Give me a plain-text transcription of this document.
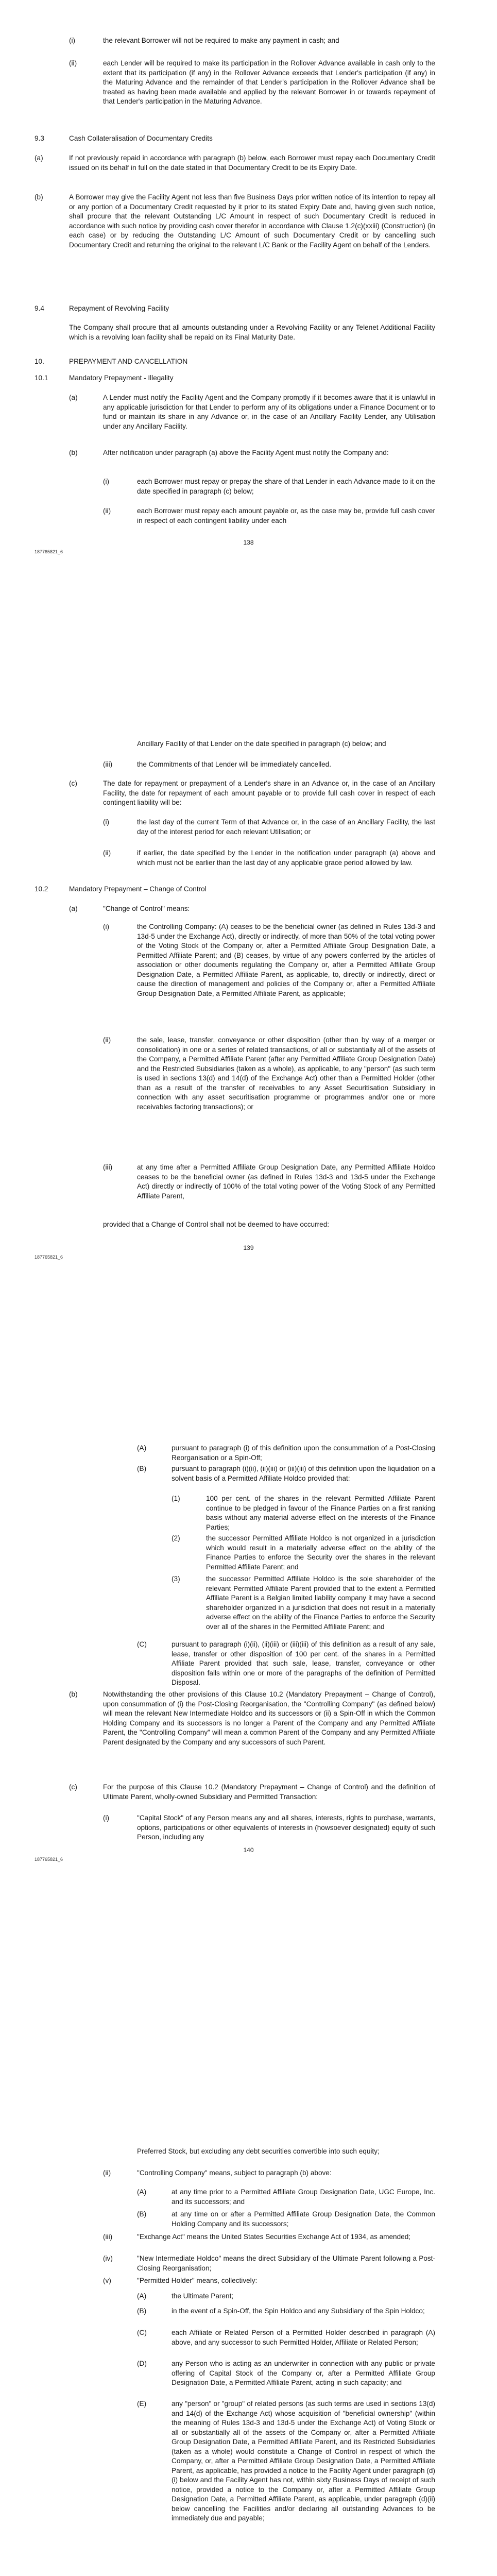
(i)	the relevant Borrower will not be required to make any payment in cash; and

(ii)	each Lender will be required to make its participation in the Rollover Advance available in cash only to the extent that its participation (if any) in the Rollover Advance exceeds that Lender's participation (if any) in the Maturing Advance and the remainder of that Lender's participation in the Rollover Advance shall be treated as having been made available and applied by the relevant Borrower in or towards repayment of that Lender's participation in the Maturing Advance.

9.3	Cash Collateralisation of Documentary Credits
(a)	If not previously repaid in accordance with paragraph (b) below, each Borrower must repay each Documentary Credit issued on its behalf in full on the date stated in that Documentary Credit to be its Expiry Date.

(b)	A Borrower may give the Facility Agent not less than five Business Days prior written notice of its intention to repay all or any portion of a Documentary Credit requested by it prior to its stated Expiry Date and, having given such notice, shall procure that the relevant Outstanding L/C Amount in respect of such Documentary Credit is reduced in accordance with such notice by providing cash cover therefor in accordance with Clause 1.2(c)(xxiii) (Construction) (in each case) or by reducing the Outstanding L/C Amount of such Documentary Credit or by cancelling such Documentary Credit and returning the original to the relevant L/C Bank or the Facility Agent on behalf of the Lenders.

9.4	Repayment of Revolving Facility

The Company shall procure that all amounts outstanding under a Revolving Facility or any Telenet Additional Facility which is a revolving loan facility shall be repaid on its Final Maturity Date.

10.	PREPAYMENT AND CANCELLATION
10.1	Mandatory Prepayment - Illegality
(a)	A Lender must notify the Facility Agent and the Company promptly if it becomes aware that it is unlawful in any applicable jurisdiction for that Lender to perform any of its obligations under a Finance Document or to fund or maintain its share in any Advance or, in the case of an Ancillary Facility Lender, any Utilisation under any Ancillary Facility.

(b)	After notification under paragraph (a) above the Facility Agent must notify the Company and:

(i)	each Borrower must repay or prepay the share of that Lender in each Advance made to it on the date specified in paragraph (c) below;

(ii)	each Borrower must repay each amount payable or, as the case may be, provide full cash cover in respect of each contingent liability under each

138
187765821_6

Ancillary Facility of that Lender on the date specified in paragraph (c) below; and

(iii)	the Commitments of that Lender will be immediately cancelled.

(c)	The date for repayment or prepayment of a Lender's share in an Advance or, in the case of an Ancillary Facility, the date for repayment of each amount payable or to provide full cash cover in respect of each contingent liability will be:

(i)	the last day of the current Term of that Advance or, in the case of an Ancillary Facility, the last day of the interest period for each relevant Utilisation; or

(ii)	if earlier, the date specified by the Lender in the notification under paragraph (a) above and which must not be earlier than the last day of any applicable grace period allowed by law.

10.2	Mandatory Prepayment – Change of Control
(a)	"Change of Control" means:

(i)	the Controlling Company: (A) ceases to be the beneficial owner (as defined in Rules 13d-3 and 13d-5 under the Exchange Act), directly or indirectly, of more than 50% of the total voting power of the Voting Stock of the Company or, after a Permitted Affiliate Group Designation Date, a Permitted Affiliate Parent; and (B) ceases, by virtue of any powers conferred by the articles of association or other documents regulating the Company or, after a Permitted Affiliate Group Designation Date, a Permitted Affiliate Parent, as applicable, to, directly or indirectly, direct or cause the direction of management and policies of the Company or, after a Permitted Affiliate Group Designation Date, a Permitted Affiliate Parent, as applicable;

(ii)	the sale, lease, transfer, conveyance or other disposition (other than by way of a merger or consolidation) in one or a series of related transactions, of all or substantially all of the assets of the Company, a Permitted Affiliate Parent (after any Permitted Affiliate Group Designation Date) and the Restricted Subsidiaries (taken as a whole), as applicable, to any "person" (as such term is used in sections 13(d) and 14(d) of the Exchange Act) other than a Permitted Holder (other than as a result of the transfer of receivables to any Asset Securitisation Subsidiary in connection with any asset securitisation programme or programmes and/or one or more receivables factoring transactions); or

(iii)	at any time after a Permitted Affiliate Group Designation Date, any Permitted Affiliate Holdco ceases to be the beneficial owner (as defined in Rules 13d-3 and 13d-5 under the Exchange Act) directly or indirectly of 100% of the total voting power of the Voting Stock of any Permitted Affiliate Parent,

provided that a Change of Control shall not be deemed to have occurred:

139
187765821_6
(A)	pursuant to paragraph (i) of this definition upon the consummation of a Post-Closing Reorganisation or a Spin-Off;

(B)	pursuant to paragraph (i)(ii), (ii)(iii) or (iii)(iii) of this definition upon the liquidation on a solvent basis of a Permitted Affiliate Holdco provided that:

(1)	100 per cent. of the shares in the relevant Permitted Affiliate Parent continue to be pledged in favour of the Finance Parties on a first ranking basis without any material adverse effect on the interests of the Finance Parties;

(2)	the successor Permitted Affiliate Holdco is not organized in a jurisdiction which would result in a materially adverse effect on the ability of the Finance Parties to enforce the Security over the shares in the relevant Permitted Affiliate Parent; and

(3)	the successor Permitted Affiliate Holdco is the sole shareholder of the relevant Permitted Affiliate Parent provided that to the extent a Permitted Affiliate Parent is a Belgian limited liability company it may have a second shareholder organized in a jurisdiction that does not result in a materially adverse effect on the ability of the Finance Parties to enforce the Security over all of the shares in the Permitted Affiliate Parent; and

(C)	pursuant to paragraph (i)(ii), (ii)(iii) or (iii)(iii) of this definition as a result of any sale, lease, transfer or other disposition of 100 per cent. of the shares in a Permitted Affiliate Parent provided that such sale, lease, transfer, conveyance or other disposition falls within one or more of the paragraphs of the definition of Permitted Disposal.

(b)	Notwithstanding the other provisions of this Clause 10.2 (Mandatory Prepayment – Change of Control), upon consummation of (i) the Post-Closing Reorganisation, the "Controlling Company" (as defined below) will mean the relevant New Intermediate Holdco and its successors or (ii) a Spin-Off in which the Common Holding Company and its successors is no longer a Parent of the Company and any Permitted Affiliate Parent, the "Controlling Company" will mean a common Parent of the Company and any Permitted Affiliate Parent designated by the Company and any successors of such Parent.

(c)	For the purpose of this Clause 10.2 (Mandatory Prepayment – Change of Control) and the definition of Ultimate Parent, wholly-owned Subsidiary and Permitted Transaction:

(i)	"Capital Stock" of any Person means any and all shares, interests, rights to purchase, warrants, options, participations or other equivalents of interests in (howsoever designated) equity of such Person, including any

140
187765821_6

Preferred Stock, but excluding any debt securities convertible into such equity;

(ii)	"Controlling Company" means, subject to paragraph (b) above:

(A)	at any time prior to a Permitted Affiliate Group Designation Date, UGC Europe, Inc. and its successors; and

(B)	at any time on or after a Permitted Affiliate Group Designation Date, the Common Holding Company and its successors;

(iii)	"Exchange Act" means the United States Securities Exchange Act of 1934, as amended;

(iv)	"New Intermediate Holdco" means the direct Subsidiary of the Ultimate Parent following a Post-Closing Reorganisation;

(v)	"Permitted Holder" means, collectively:

(A)	the Ultimate Parent;

(B)	in the event of a Spin-Off, the Spin Holdco and any Subsidiary of the Spin Holdco;

(C)	each Affiliate or Related Person of a Permitted Holder described in paragraph (A) above, and any successor to such Permitted Holder, Affiliate or Related Person;

(D)	any Person who is acting as an underwriter in connection with any public or private offering of Capital Stock of the Company or, after a Permitted Affiliate Group Designation Date, a Permitted Affiliate Parent, acting in such capacity; and

(E)	any "person" or "group" of related persons (as such terms are used in sections 13(d) and 14(d) of the Exchange Act) whose acquisition of "beneficial ownership" (within the meaning of Rules 13d-3 and 13d-5 under the Exchange Act) of Voting Stock or all or substantially all of the assets of the Company or, after a Permitted Affiliate Group Designation Date, a Permitted Affiliate Parent, and its Restricted Subsidiaries (taken as a whole) would constitute a Change of Control in respect of which the Company, or, after a Permitted Affiliate Group Designation Date, a Permitted Affiliate Parent, as applicable, has provided a notice to the Facility Agent under paragraph (d)(i) below and the Facility Agent has not, within sixty Business Days of receipt of such notice, provided a notice to the Company or, after a Permitted Affiliate Group Designation Date, a Permitted Affiliate Parent, as applicable, under paragraph (d)(ii) below cancelling the Facilities and/or declaring all outstanding Advances to be immediately due and payable;
